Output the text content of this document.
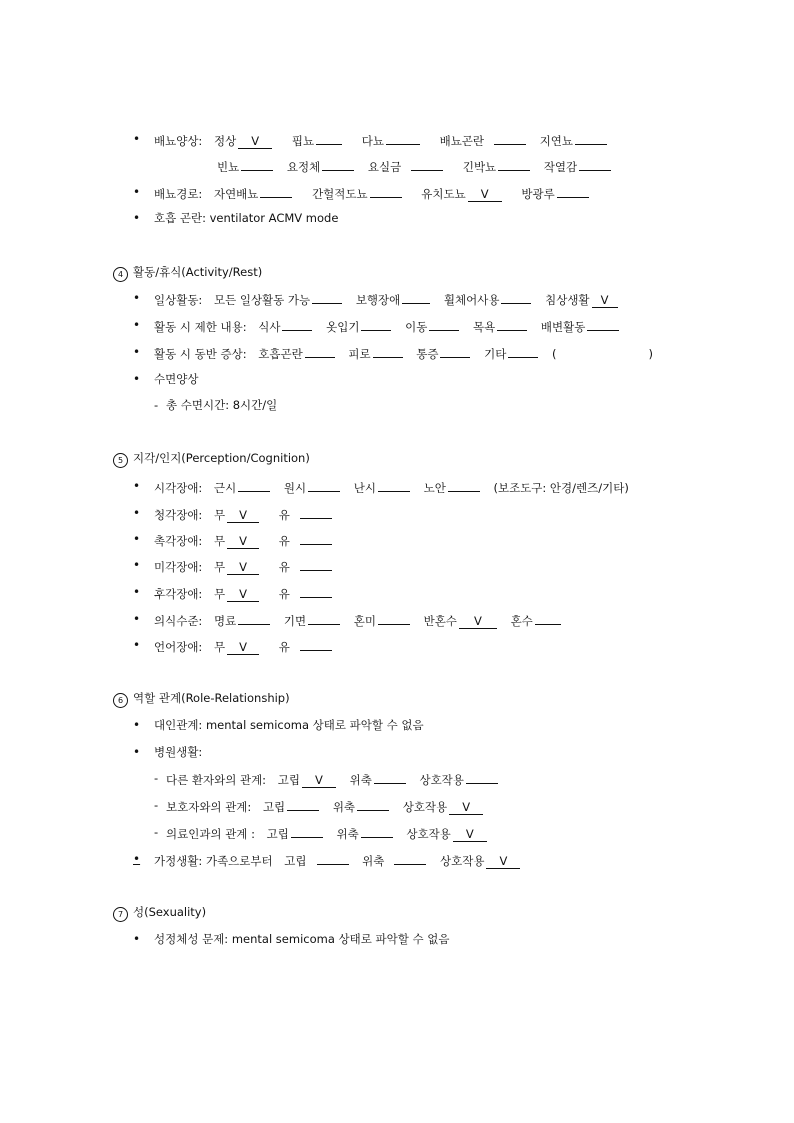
• 배뇨양상: 정상 V	핍뇨	다뇨	배뇨곤란	지연뇨
빈뇨	요정체	요실금	긴박뇨	작열감
• 배뇨경로: 자연배뇨	간헐적도뇨	유치도뇨 V	방광루
• 호흡 곤란: ventilator ACMV mode
4 활동/휴식(Activity/Rest)
• 일상활동: 모든 일상활동 가능	보행장애	휠체어사용	침상생활 V
• 활동 시 제한 내용: 식사	옷입기	이동	목욕	배변활동
• 활동 시 동반 증상: 호흡곤란	피로	통증	기타	(	)
• 수면양상
- 총 수면시간: 8시간/일
5 지각/인지(Perception/Cognition)
• 시각장애: 근시	원시	난시	노안	(보조도구: 안경/렌즈/기타)
• 청각장애: 무 V	유
• 촉각장애: 무 V	유
• 미각장애: 무 V	유
• 후각장애: 무 V	유
• 의식수준: 명료	기면	혼미	반혼수 V 혼수
• 언어장애: 무 V	유
6 역할 관계(Role-Relationship)
• 대인관계: mental semicoma 상태로 파악할 수 없음
• 병원생활:
- 다른 환자와의 관계: 고립 V 위축	상호작용
- 보호자와의 관계: 고립	위축	상호작용 V
- 의료인과의 관계 : 고립	위축	상호작용 V
• 가정생활: 가족으로부터 고립	위축	상호작용 V
7 성(Sexuality)
• 성정체성 문제: mental semicoma 상태로 파악할 수 없음
